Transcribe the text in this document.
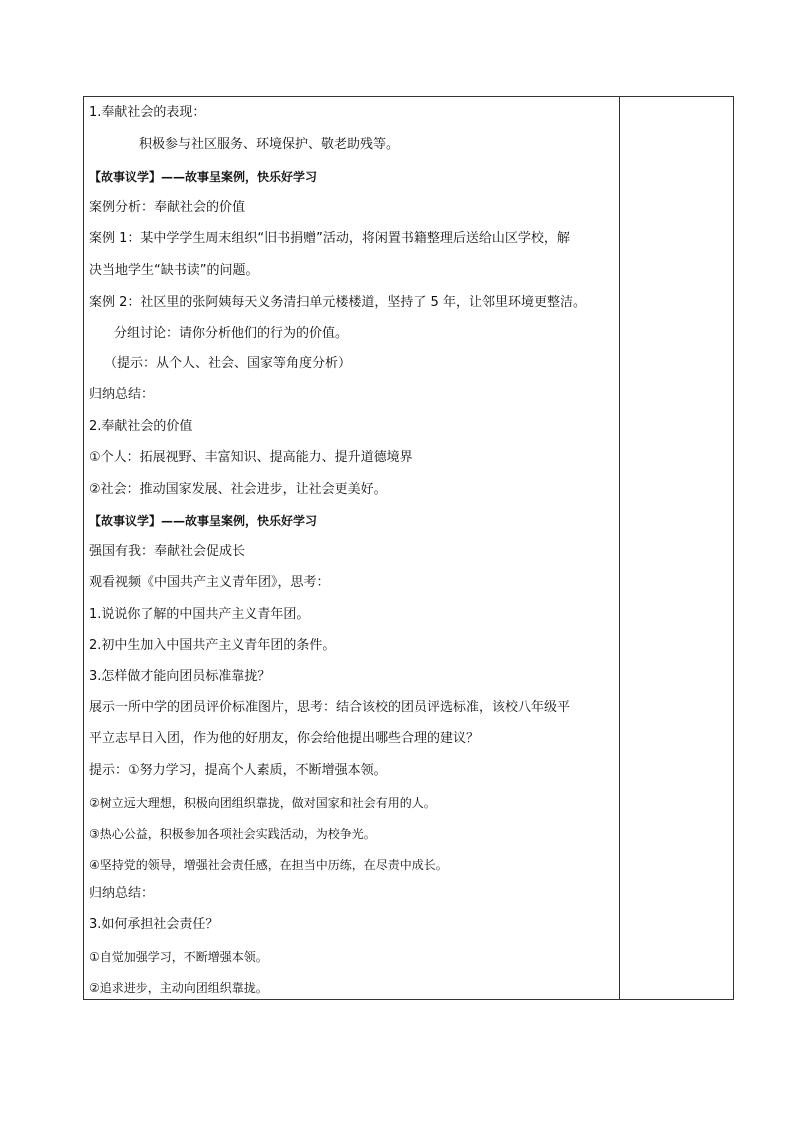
1.奉献社会的表现：
积极参与社区服务、环境保护、敬老助残等。
【故事议学】——故事呈案例，快乐好学习
案例分析：奉献社会的价值
案例 1：某中学学生周末组织“旧书捐赠”活动，将闲置书籍整理后送给山区学校，解
决当地学生“缺书读”的问题。
案例 2：社区里的张阿姨每天义务清扫单元楼楼道，坚持了 5 年，让邻里环境更整洁。
分组讨论：请你分析他们的行为的价值。
（提示：从个人、社会、国家等角度分析）
归纳总结：
2.奉献社会的价值
①个人：拓展视野、丰富知识、提高能力、提升道德境界
②社会：推动国家发展、社会进步，让社会更美好。
【故事议学】——故事呈案例，快乐好学习
强国有我：奉献社会促成长
观看视频《中国共产主义青年团》，思考：
1.说说你了解的中国共产主义青年团。
2.初中生加入中国共产主义青年团的条件。
3.怎样做才能向团员标准靠拢？
展示一所中学的团员评价标准图片，思考：结合该校的团员评选标准，该校八年级平
平立志早日入团，作为他的好朋友，你会给他提出哪些合理的建议？
提示：①努力学习，提高个人素质，不断增强本领。
②树立远大理想，积极向团组织靠拢，做对国家和社会有用的人。
③热心公益，积极参加各项社会实践活动，为校争光。
④坚持党的领导，增强社会责任感，在担当中历练，在尽责中成长。
归纳总结：
3.如何承担社会责任？
①自觉加强学习，不断增强本领。
②追求进步，主动向团组织靠拢。
